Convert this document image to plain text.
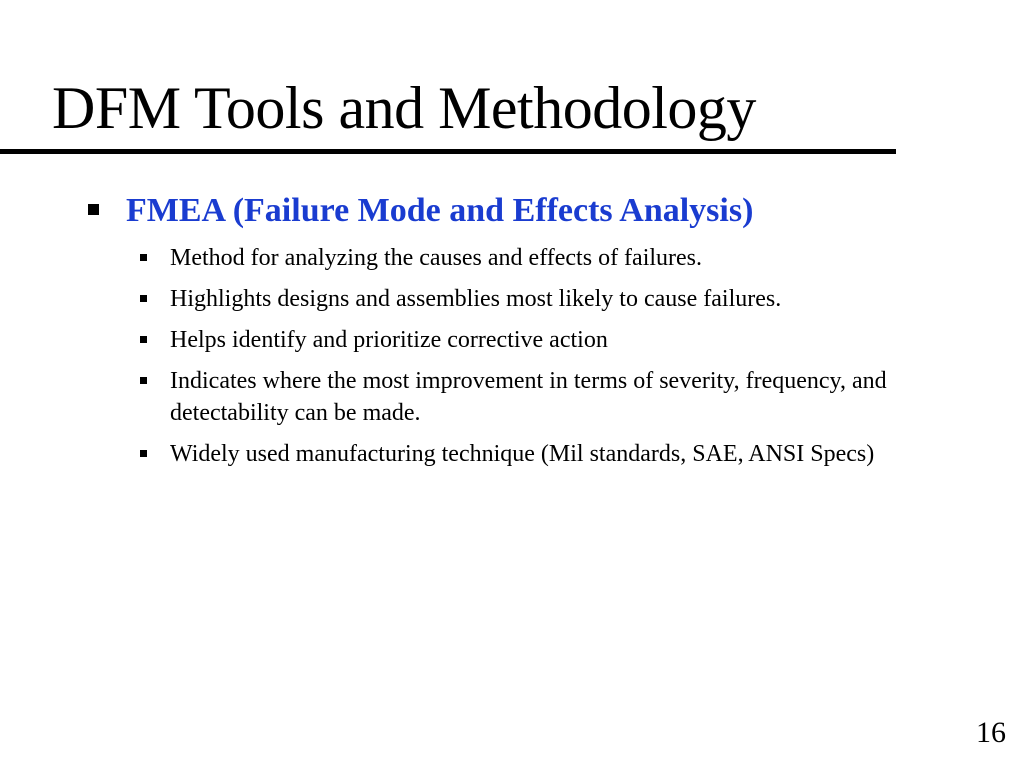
DFM Tools and Methodology
FMEA (Failure Mode and Effects Analysis)
Method for analyzing the causes and effects of failures.
Highlights designs and assemblies most likely to cause failures.
Helps identify and prioritize corrective action
Indicates where the most improvement in terms of severity, frequency, and detectability can be made.
Widely used manufacturing technique (Mil standards, SAE, ANSI Specs)
16
